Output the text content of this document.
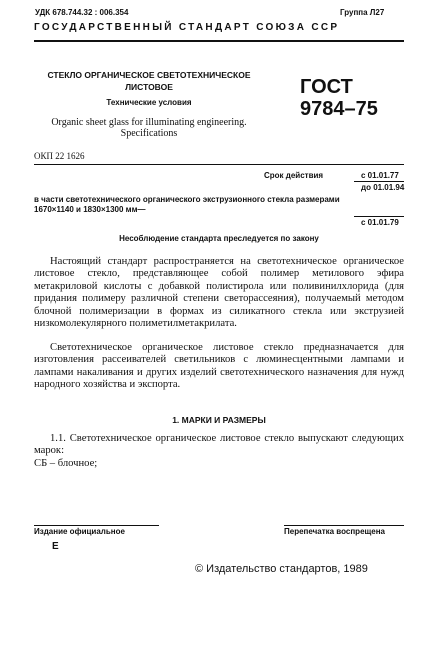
УДК 678.744.32 : 006.354	Группа Л27
ГОСУДАРСТВЕННЫЙ СТАНДАРТ СОЮЗА ССР
СТЕКЛО ОРГАНИЧЕСКОЕ СВЕТОТЕХНИЧЕСКОЕ
ЛИСТОВОЕ
Технические условия
Organic sheet glass for illuminating engineering.
Specifications
ГОСТ
9784–75
ОКП 22 1626
Срок действия	с 01.01.77
до 01.01.94
в части светотехнического органического экструзионного стекла размерами
1670×1140 и 1830×1300 мм—
с 01.01.79
Несоблюдение стандарта преследуется по закону
Настоящий стандарт распространяется на светотехническое органическое листовое стекло, представляющее собой полимер метилового эфира метакриловой кислоты с добавкой полистирола или поливинилхлорида (для придания полимеру различной степени светорассеяния), получаемый методом блочной полимеризации в формах из силикатного стекла или экструзией низкомолекулярного полиметилметакрилата.
Светотехническое органическое листовое стекло предназначается для изготовления рассеивателей светильников с люминесцентными лампами и лампами накаливания и других изделий светотехнического назначения для нужд народного хозяйства и экспорта.
1. МАРКИ И РАЗМЕРЫ
1.1. Светотехническое органическое листовое стекло выпускают следующих марок:
СБ – блочное;
Издание официальное
Е
Перепечатка воспрещена
© Издательство стандартов, 1989
